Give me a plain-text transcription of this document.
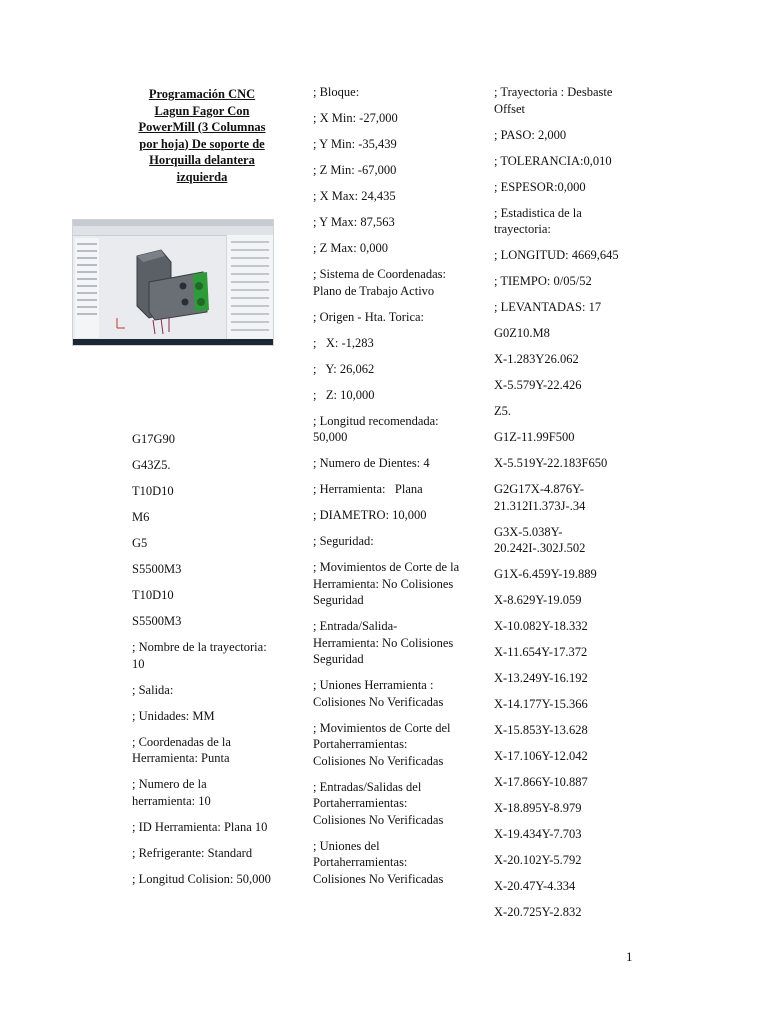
Programación CNC Lagun Fagor Con PowerMill (3 Columnas por hoja) De soporte de Horquilla delantera izquierda
G17G90
G43Z5.
T10D10
M6
G5
S5500M3
T10D10
S5500M3
; Nombre de la trayectoria: 10
; Salida:
; Unidades: MM
; Coordenadas de la Herramienta: Punta
; Numero de la herramienta: 10
; ID Herramienta: Plana 10
; Refrigerante: Standard
; Longitud Colision: 50,000
; Bloque:
; X Min: -27,000
; Y Min: -35,439
; Z Min: -67,000
; X Max: 24,435
; Y Max: 87,563
; Z Max: 0,000
; Sistema de Coordenadas: Plano de Trabajo Activo
; Origen - Hta. Torica:
;   X: -1,283
;   Y: 26,062
;   Z: 10,000
; Longitud recomendada: 50,000
; Numero de Dientes: 4
; Herramienta:   Plana
; DIAMETRO: 10,000
; Seguridad:
; Movimientos de Corte de la Herramienta: No Colisiones Seguridad
; Entrada/Salida-Herramienta: No Colisiones Seguridad
; Uniones Herramienta : Colisiones No Verificadas
; Movimientos de Corte del Portaherramientas: Colisiones No Verificadas
; Entradas/Salidas del Portaherramientas: Colisiones No Verificadas
; Uniones del Portaherramientas: Colisiones No Verificadas
; Trayectoria : Desbaste Offset
; PASO: 2,000
; TOLERANCIA:0,010
; ESPESOR:0,000
; Estadistica de la trayectoria:
; LONGITUD: 4669,645
; TIEMPO: 0/05/52
; LEVANTADAS: 17
G0Z10.M8
X-1.283Y26.062
X-5.579Y-22.426
Z5.
G1Z-11.99F500
X-5.519Y-22.183F650
G2G17X-4.876Y-21.312I1.373J-.34
G3X-5.038Y-20.242I-.302J.502
G1X-6.459Y-19.889
X-8.629Y-19.059
X-10.082Y-18.332
X-11.654Y-17.372
X-13.249Y-16.192
X-14.177Y-15.366
X-15.853Y-13.628
X-17.106Y-12.042
X-17.866Y-10.887
X-18.895Y-8.979
X-19.434Y-7.703
X-20.102Y-5.792
X-20.47Y-4.334
X-20.725Y-2.832
1
